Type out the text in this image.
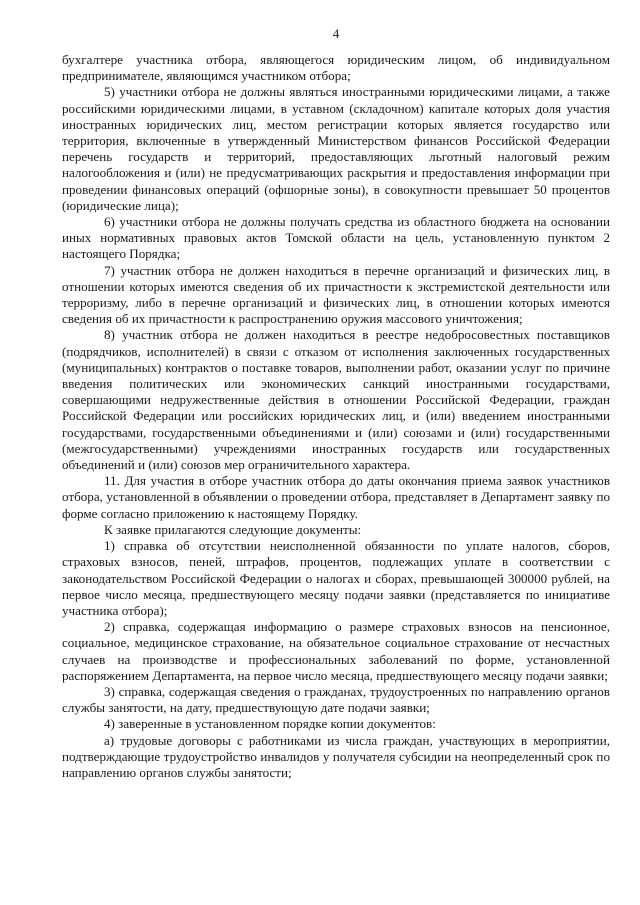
4

бухгалтере участника отбора, являющегося юридическим лицом, об индивидуальном предпринимателе, являющимся участником отбора;

5) участники отбора не должны являться иностранными юридическими лицами, а также российскими юридическими лицами, в уставном (складочном) капитале которых доля участия иностранных юридических лиц, местом регистрации которых является государство или территория, включенные в утвержденный Министерством финансов Российской Федерации перечень государств и территорий, предоставляющих льготный налоговый режим налогообложения и (или) не предусматривающих раскрытия и предоставления информации при проведении финансовых операций (офшорные зоны), в совокупности превышает 50 процентов (юридические лица);

6) участники отбора не должны получать средства из областного бюджета на основании иных нормативных правовых актов Томской области на цель, установленную пунктом 2 настоящего Порядка;

7) участник отбора не должен находиться в перечне организаций и физических лиц, в отношении которых имеются сведения об их причастности к экстремистской деятельности или терроризму, либо в перечне организаций и физических лиц, в отношении которых имеются сведения об их причастности к распространению оружия массового уничтожения;

8) участник отбора не должен находиться в реестре недобросовестных поставщиков (подрядчиков, исполнителей) в связи с отказом от исполнения заключенных государственных (муниципальных) контрактов о поставке товаров, выполнении работ, оказании услуг по причине введения политических или экономических санкций иностранными государствами, совершающими недружественные действия в отношении Российской Федерации, граждан Российской Федерации или российских юридических лиц, и (или) введением иностранными государствами, государственными объединениями и (или) союзами и (или) государственными (межгосударственными) учреждениями иностранных государств или государственных объединений и (или) союзов мер ограничительного характера.

11. Для участия в отборе участник отбора до даты окончания приема заявок участников отбора, установленной в объявлении о проведении отбора, представляет в Департамент заявку по форме согласно приложению к настоящему Порядку.

К заявке прилагаются следующие документы:

1) справка об отсутствии неисполненной обязанности по уплате налогов, сборов, страховых взносов, пеней, штрафов, процентов, подлежащих уплате в соответствии с законодательством Российской Федерации о налогах и сборах, превышающей 300000 рублей, на первое число месяца, предшествующего месяцу подачи заявки (представляется по инициативе участника отбора);

2) справка, содержащая информацию о размере страховых взносов на пенсионное, социальное, медицинское страхование, на обязательное социальное страхование от несчастных случаев на производстве и профессиональных заболеваний по форме, установленной распоряжением Департамента, на первое число месяца, предшествующего месяцу подачи заявки;

3) справка, содержащая сведения о гражданах, трудоустроенных по направлению органов службы занятости, на дату, предшествующую дате подачи заявки;

4) заверенные в установленном порядке копии документов:

а) трудовые договоры с работниками из числа граждан, участвующих в мероприятии, подтверждающие трудоустройство инвалидов у получателя субсидии на неопределенный срок по направлению органов службы занятости;
